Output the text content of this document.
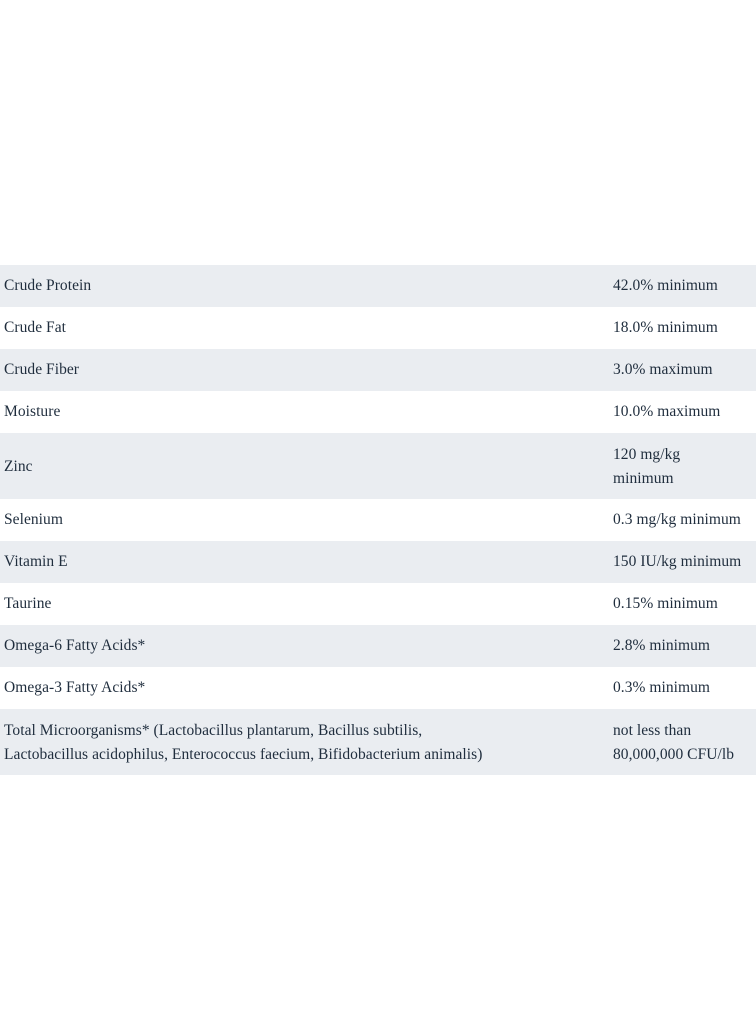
Crude Protein	42.0% minimum
Crude Fat	18.0% minimum
Crude Fiber	3.0% maximum
Moisture	10.0% maximum
Zinc	120 mg/kg
minimum

Selenium	0.3 mg/kg minimum
Vitamin E	150 IU/kg minimum
Taurine	0.15% minimum
Omega-6 Fatty Acids*	2.8% minimum
Omega-3 Fatty Acids*	0.3% minimum

Total Microorganisms* (Lactobacillus plantarum, Bacillus subtilis,
Lactobacillus acidophilus, Enterococcus faecium, Bifidobacterium animalis)	not less than
80,000,000 CFU/lb
